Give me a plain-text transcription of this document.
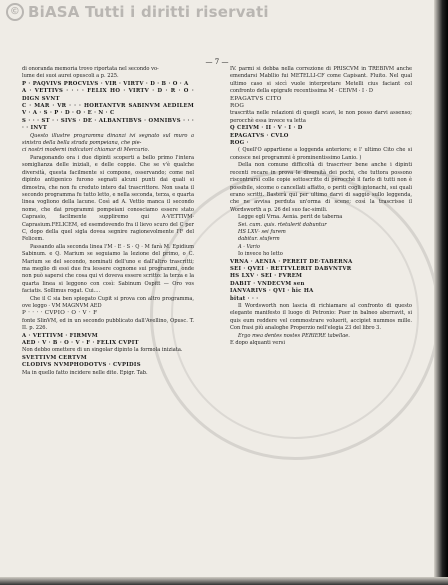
© BiASA Tutti i diritti riservati
— 7 —

di onoranda memoria trovo riportata nel secondo vo-

lume dei suoi aurei opuscoli a p. 225.

P · PAQVIVS PROCVLVS · VIR · VIRTV · D · B · O · A

A · VETTIVS · · · · FELIX HO · VIRTV · D · R · O · DIGN SVNT

C · MAR · VR · · · HORTANTVR SABINVM AEDILEM V · A · S · P · D · O · E · N · C

S · · · ST · · SIVS · DE · ALBANTIBVS · OMNIBVS · · · · · INVT

Questo illustre programma dinanzi ivi segnato sul muro a sinistra della bella strada pompeiana, che pie-

ci nostri moderni indicatori chiamar di Mercurio.

Paragonando ora i due dipinti scoperti a bello primo l'intera somiglianza delle iniziali, e delle coppie. Che se v'è qualche diversità, questa facilmente si compone, osservando; come nel dipinto antigenico furono segnati alcuni punti dai quali si dimostra, che non fu creduto intero dal trascrittore. Non usata il secondo programma fu tutto letto, e nella seconda, terza, e quarta linea vogliono della lacune. Così ad A. Vettio manca il secondo nome, che dai programmi pompeiani conosciamo essere stato Caprasio, facilmente suppliremo qui A·VETTIVM· Caprasium.FELICEM, ed esemdovendo fra il lievo scuro del C per C, dopo della quel sigla dovea segnire ragionevolmente l'F del Felicem.

Passando alla seconda linea l'M · E · S · Q · M farà M. Epidium Sabinum. e Q. Marium se seguiamo la lezione del primo, o C. Marium se del secondo, nominati dell'uno e dall'altro trascritti; ma meglio di essi due fra lessere cognome sui programmi, onde non può sapersi che cosa qui vi doveva essere scritto: la terza e la quarta linea si leggono con così: Sabinum Ospitt — Oro vos faciatis. Sollimus rogat. Cui....

Che il C sia ben spiegato Cupit si prova con altro programma, ove leggo · VM MAGNVM AED

P · · · · CVPIO · O · V · F

fonte SlinVM, ed in un secondo pubblicato dall'Avellino, Opusc. T. II. p. 226.

A · VETTIVM · FIRMVM

AED · V · B · O · V · F · FELIX CVPIT

Non debbo omettere di un singolar dipinto la formola iniziata.

SVETTIVM CERTVM

CLODIVS NVMPHODOTVS · CVPIDIS

Ma in quello fatto incidere nelle dite. Epigr. Tab.

IV. parmi si debba nella correzione di PRISCVM in TREBIVM anche emendarsi Mabllio fui METELLI-CF come Capisant. Fluito. Nel qual ultimo caso si siccì vuole interpretare Metelli cius faciant col confronto della epigrafe recentissima M · CEIVM · I · D

EPAGATVS CITO

ROG

trascritta nelle relazioni di quegli scavi, le non posso darvi assenso; perocchè essa invece va letta

Q CEIVM · II · V · I · D

EPAGATVS · CVLO

ROG ·

( Quell'O appartiene a loggenda anteriore; e l' ultimo Cito che si conosce nei programmi è prominentissimo Lanio. )

Della non comune difficoltà di trascriver bene anche i dipinti recenti recare in prova le diversità dei pochi, che tuttora possono riscontrarsi colle copie sottoscritte di perocchè il farlo di tutti non è possibile, sicome o cancellati affatto, o periti cogli intonachi, sui quali erano scritti. Basterà qui per ultimo darvi di saggio sullo leggenda, che ne avvisa perduta un'orma di scene; così la trascrisse il Wordsworth a p. 26 del suo fac-simili.

Legge egli Vrna. Aenia. perit de taberna

Sei. cum. quis. rtetulerit dabuntur

HS LXV· sei furem

dabitur. stuferm

A · Vario

Io invece ho letto

VRNA · AENIA · PEREIT DE·TABERNA

SEI · QVEI · RETTVLERIT DABVNTVR

HS LXV · SEI · FVREM

DABIT · VNDECVM sen

IANVARIVS · QVI · hic HA

bitat · · ·

Il Wordsworth non lascia di richiamare al confronto di questo elegante manifesto il luogo di Petronio: Puer in balneo aberravit, si quis eum reddere vel commostrare voluerit, accipiet nummos mille. Con frasi più analoghe Properzio nell'elegia 23 del libro 3.

Ergo mea dentes nostes PERIERE tabellae.

E dopo alquanti versi
